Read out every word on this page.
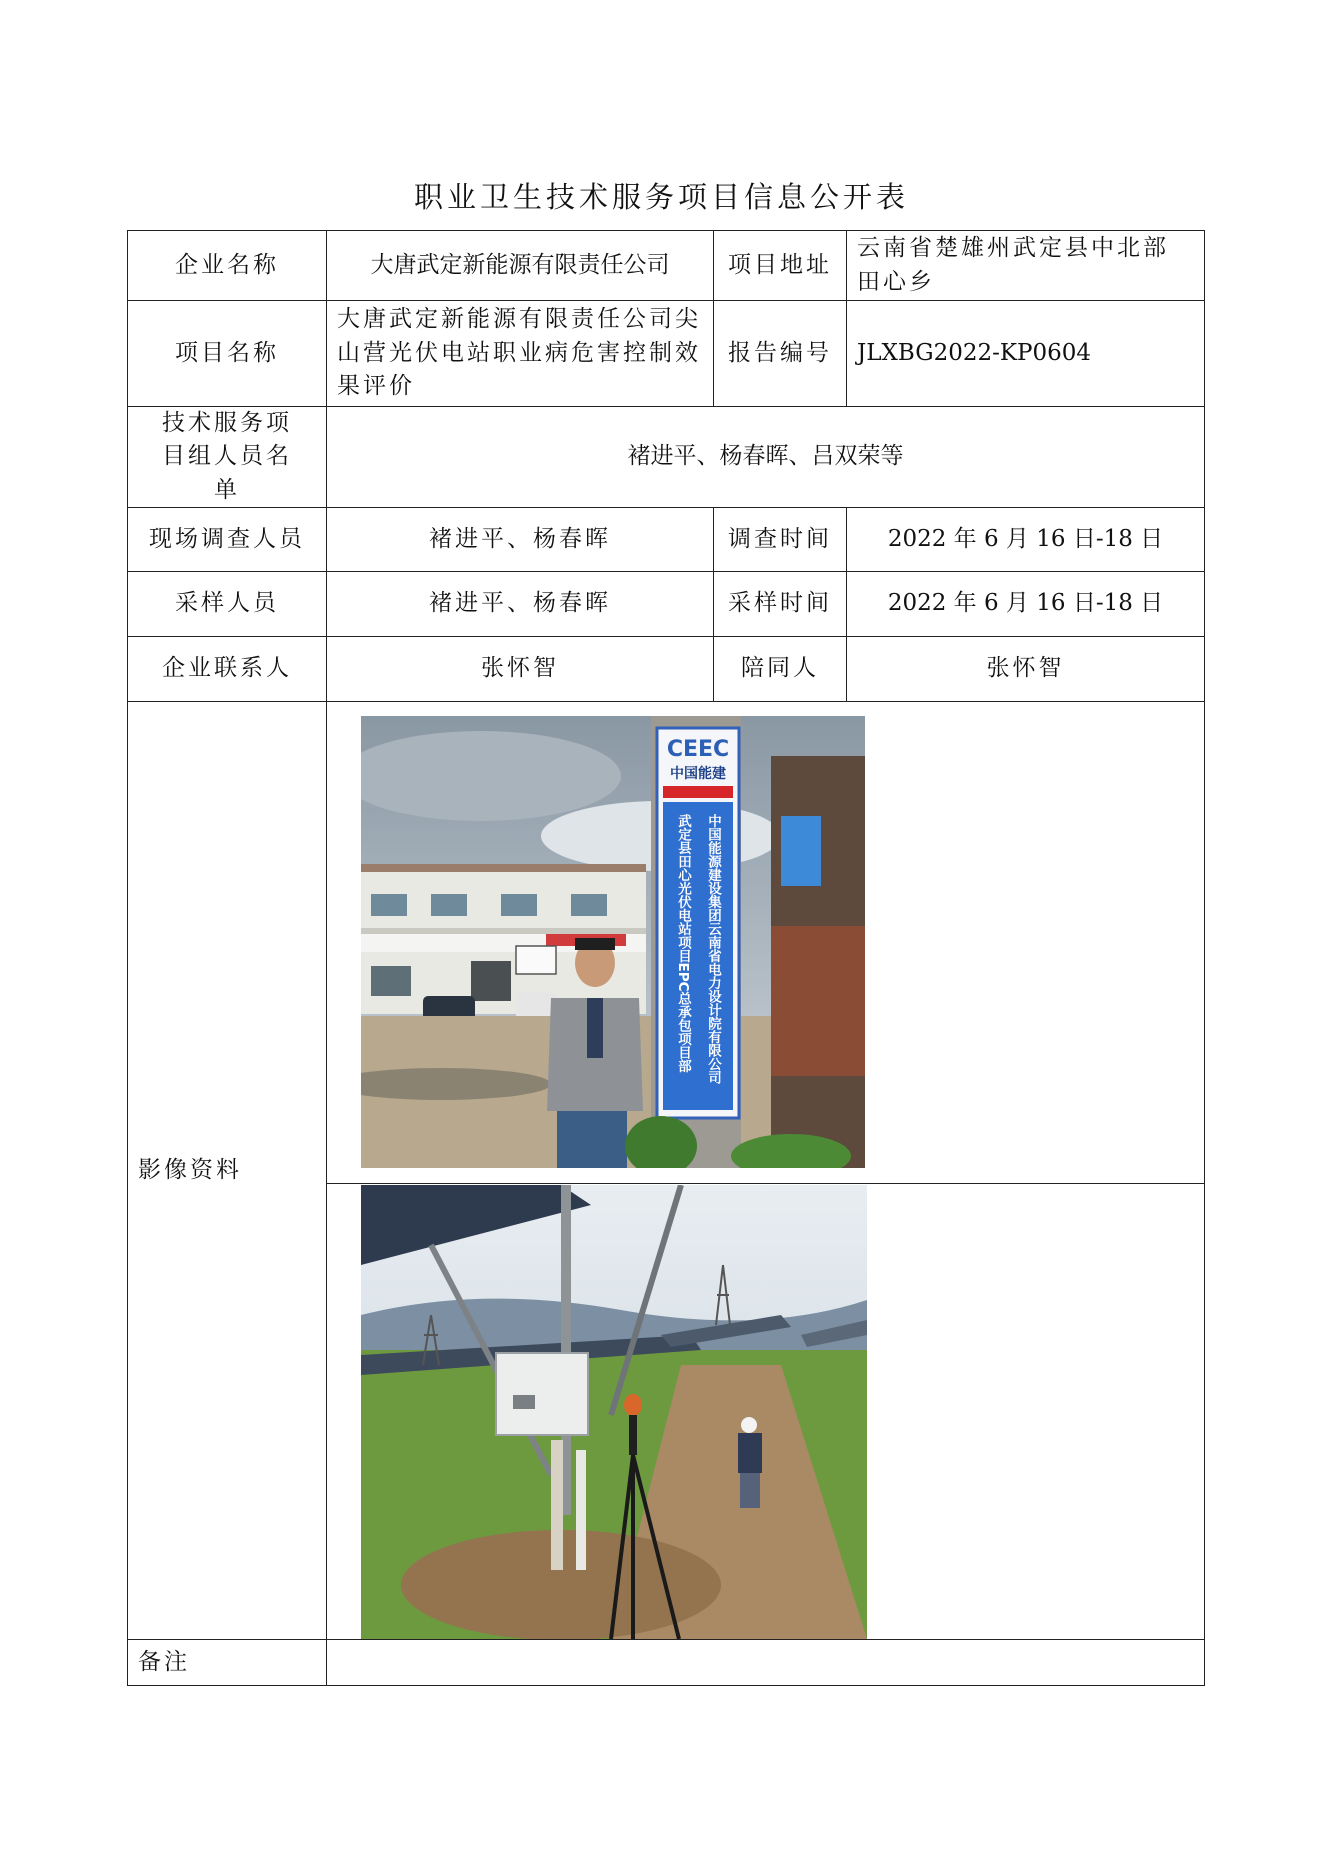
职业卫生技术服务项目信息公开表
企业名称	大唐武定新能源有限责任公司	项目地址	云南省楚雄州武定县中北部田心乡
项目名称	大唐武定新能源有限责任公司尖山营光伏电站职业病危害控制效果评价	报告编号	JLXBG2022-KP0604
技术服务项目组人员名单	褚进平、杨春晖、吕双荣等		
现场调查人员	褚进平、杨春晖	调查时间	2022 年 6 月 16 日-18 日
采样人员	褚进平、杨春晖	采样时间	2022 年 6 月 16 日-18 日
企业联系人	张怀智	陪同人	张怀智
影像资料	CEEC
中国能建
中国能源建设集团云南省电力设计院有限公司
武定县田心光伏电站项目EPC总承包项目部		

备注			
